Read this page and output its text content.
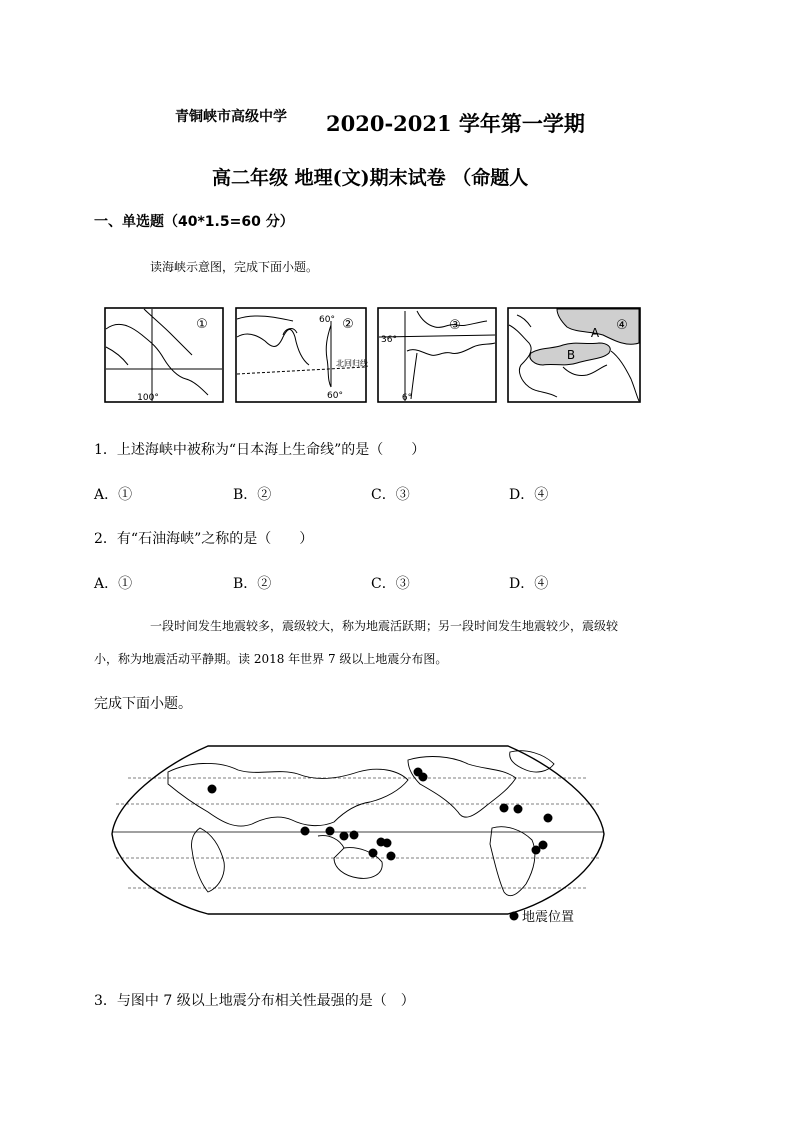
青铜峡市高级中学 2020-2021 学年第一学期
高二年级 地理(文)期末试卷 （命题人
一、单选题（40*1.5=60 分）
读海峡示意图，完成下面小题。
①
100°
②
60°
北回归线
60°
③
36°
6°
A
B
④
1．上述海峡中被称为“日本海上生命线”的是（　　）
A．①	B．②	C．③	D．④
2．有“石油海峡”之称的是（　　）
A．①	B．②	C．③	D．④
一段时间发生地震较多，震级较大，称为地震活跃期；另一段时间发生地震较少，震级较
小，称为地震活动平静期。读 2018 年世界 7 级以上地震分布图。
完成下面小题。
地震位置
3．与图中 7 级以上地震分布相关性最强的是（　）
